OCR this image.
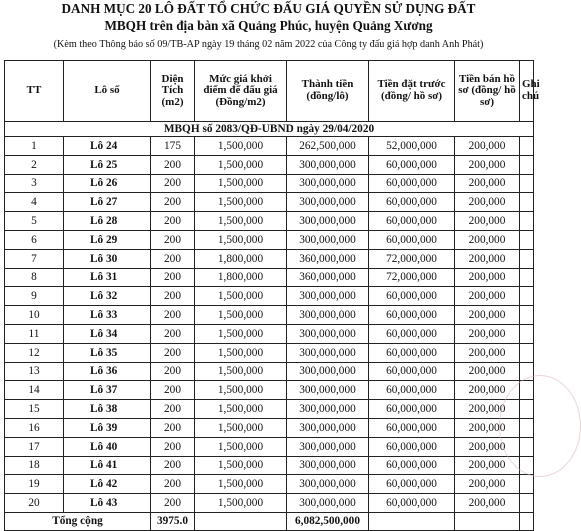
DANH MỤC 20 LÔ ĐẤT TỔ CHỨC ĐẤU GIÁ QUYỀN SỬ DỤNG ĐẤT
MBQH trên địa bàn xã Quảng Phúc, huyện Quảng Xương
(Kèm theo Thông báo số 09/TB-AP ngày 19 tháng 02 năm 2022 của Công ty đấu giá hợp danh Anh Phát)
TT	Lô số	Diện Tích (m2)	Mức giá khởi điểm để đấu giá (Đồng/m2)	Thành tiền (đồng/lô)	Tiền đặt trước (đồng/ hồ sơ)	Tiền bán hồ sơ (đồng/ hồ sơ)	Ghi chú
MBQH số 2083/QĐ-UBND ngày 29/04/2020							
1	Lô 24	175	1,500,000	262,500,000	52,000,000	200,000	
2	Lô 25	200	1,500,000	300,000,000	60,000,000	200,000	
3	Lô 26	200	1,500,000	300,000,000	60,000,000	200,000	
4	Lô 27	200	1,500,000	300,000,000	60,000,000	200,000	
5	Lô 28	200	1,500,000	300,000,000	60,000,000	200,000	
6	Lô 29	200	1,500,000	300,000,000	60,000,000	200,000	
7	Lô 30	200	1,800,000	360,000,000	72,000,000	200,000	
8	Lô 31	200	1,800,000	360,000,000	72,000,000	200,000	
9	Lô 32	200	1,500,000	300,000,000	60,000,000	200,000	
10	Lô 33	200	1,500,000	300,000,000	60,000,000	200,000	
11	Lô 34	200	1,500,000	300,000,000	60,000,000	200,000	
12	Lô 35	200	1,500,000	300,000,000	60,000,000	200,000	
13	Lô 36	200	1,500,000	300,000,000	60,000,000	200,000	
14	Lô 37	200	1,500,000	300,000,000	60,000,000	200,000	
15	Lô 38	200	1,500,000	300,000,000	60,000,000	200,000	
16	Lô 39	200	1,500,000	300,000,000	60,000,000	200,000	
17	Lô 40	200	1,500,000	300,000,000	60,000,000	200,000	
18	Lô 41	200	1,500,000	300,000,000	60,000,000	200,000	
19	Lô 42	200	1,500,000	300,000,000	60,000,000	200,000	
20	Lô 43	200	1,500,000	300,000,000	60,000,000	200,000	
Tổng cộng		3975.0		6,082,500,000			
